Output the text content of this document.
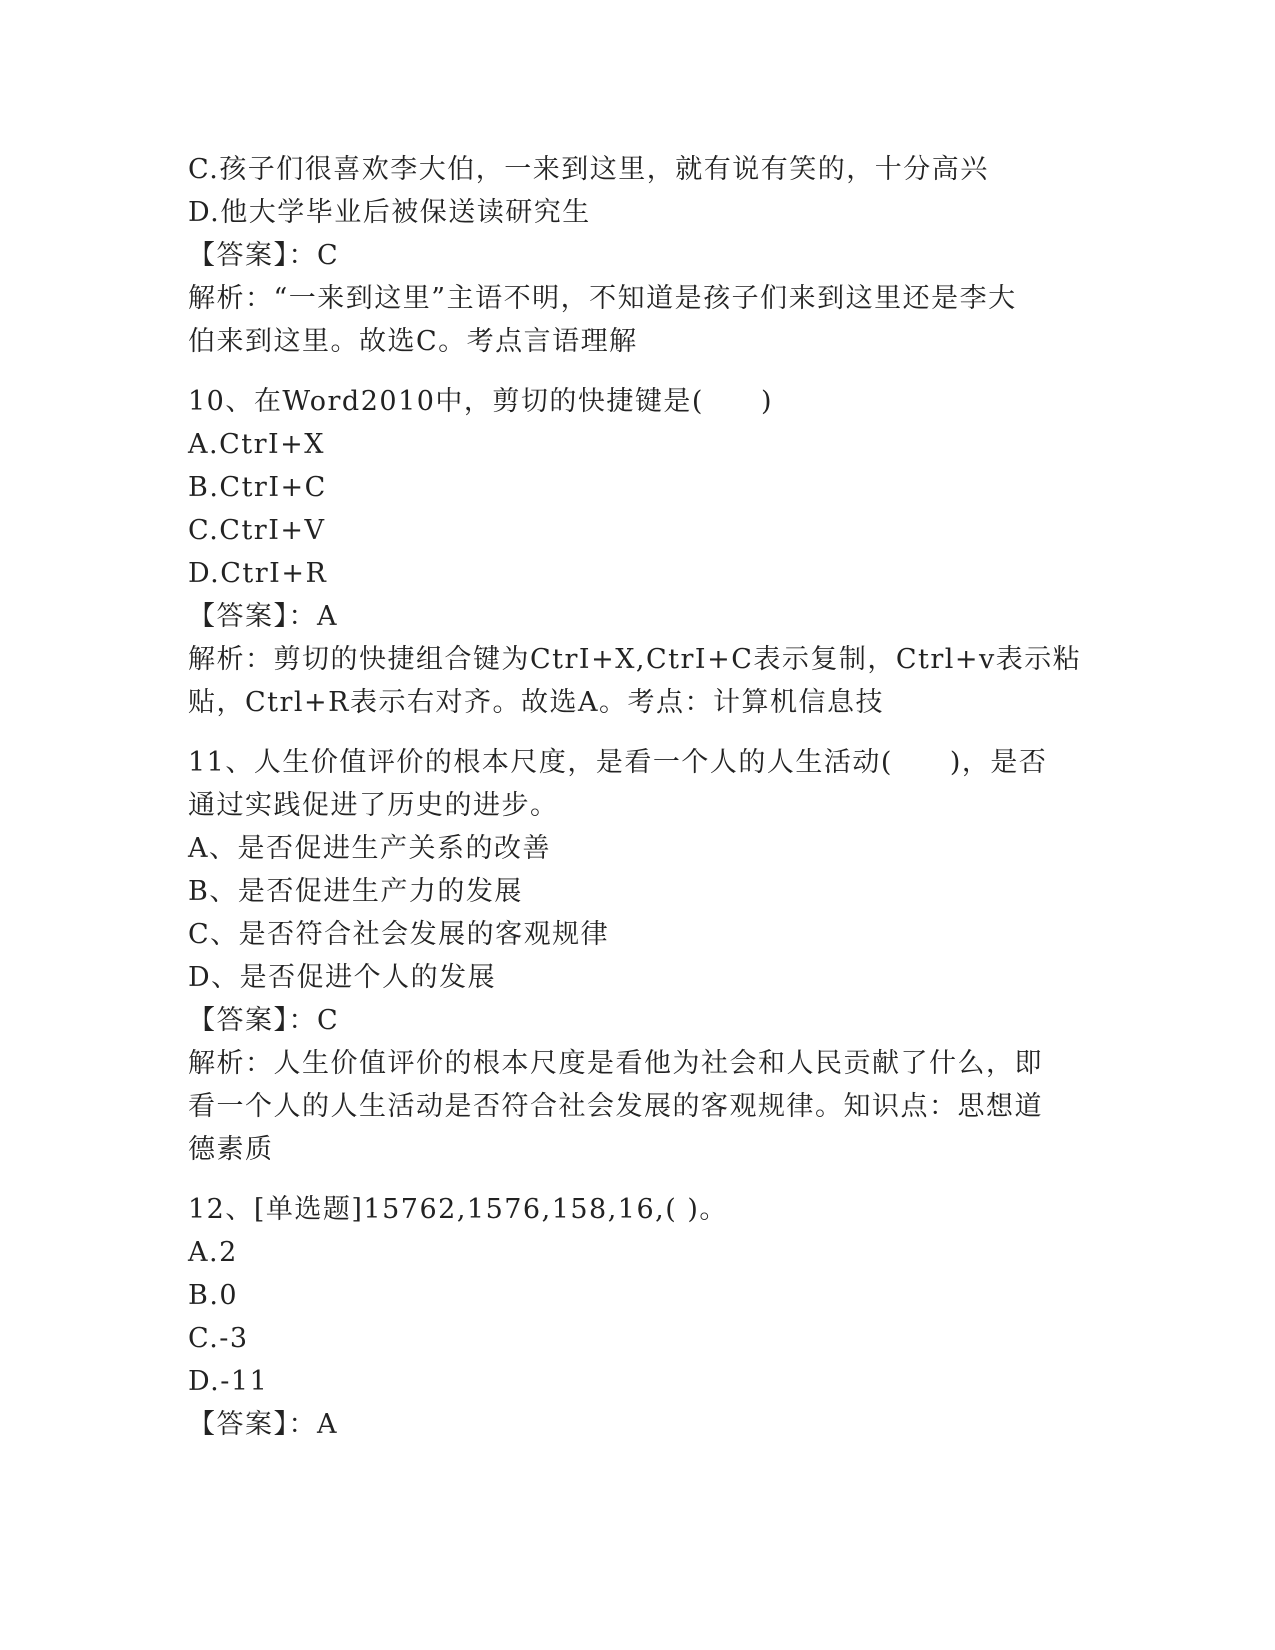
C.孩子们很喜欢李大伯，一来到这里，就有说有笑的，十分高兴
D.他大学毕业后被保送读研究生
【答案】：C
解析：“一来到这里”主语不明，不知道是孩子们来到这里还是李大
伯来到这里。故选C。考点言语理解
10、在Word2010中，剪切的快捷键是(　　)
A.CtrI+X
B.CtrI+C
C.CtrI+V
D.CtrI+R
【答案】：A
解析：剪切的快捷组合键为CtrI+X,CtrI+C表示复制，Ctrl+v表示粘
贴，Ctrl+R表示右对齐。故选A。考点：计算机信息技
11、人生价值评价的根本尺度，是看一个人的人生活动(　　)，是否
通过实践促进了历史的进步。
A、是否促进生产关系的改善
B、是否促进生产力的发展
C、是否符合社会发展的客观规律
D、是否促进个人的发展
【答案】：C
解析：人生价值评价的根本尺度是看他为社会和人民贡献了什么，即
看一个人的人生活动是否符合社会发展的客观规律。知识点：思想道
德素质
12、[单选题]15762,1576,158,16,( )。
A.2
B.0
C.-3
D.-11
【答案】：A
